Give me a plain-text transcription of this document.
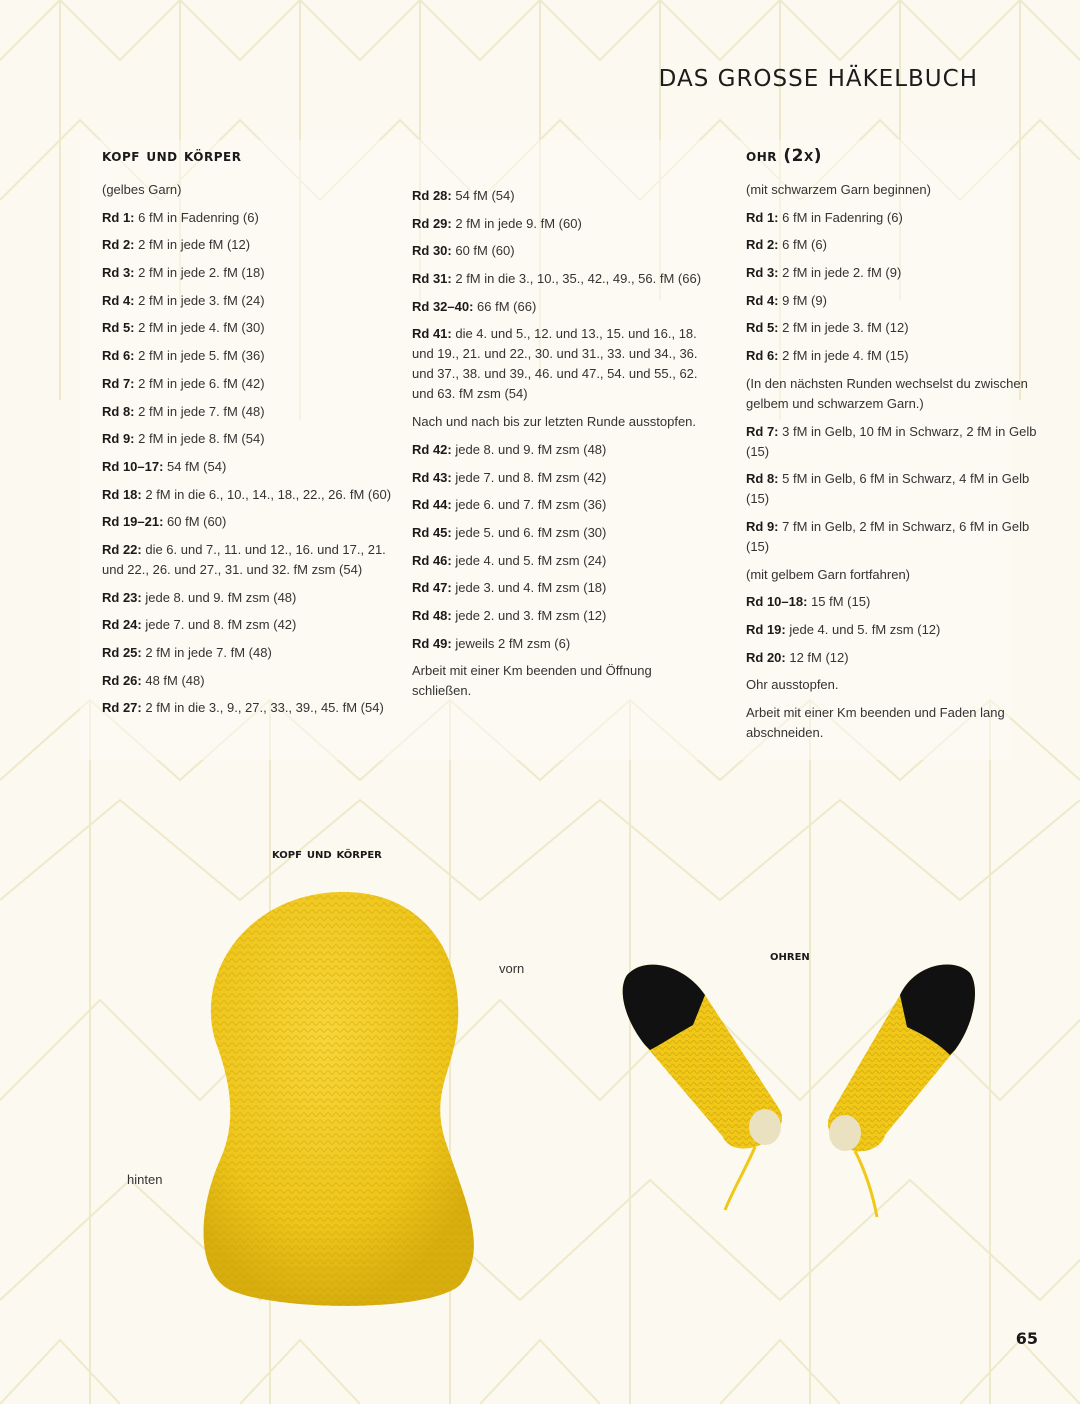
DAS GROSSE HÄKELBUCH
kopf und körper
(gelbes Garn)
Rd 1: 6 fM in Fadenring (6)
Rd 2: 2 fM in jede fM (12)
Rd 3: 2 fM in jede 2. fM (18)
Rd 4: 2 fM in jede 3. fM (24)
Rd 5: 2 fM in jede 4. fM (30)
Rd 6: 2 fM in jede 5. fM (36)
Rd 7: 2 fM in jede 6. fM (42)
Rd 8: 2 fM in jede 7. fM (48)
Rd 9: 2 fM in jede 8. fM (54)
Rd 10–17: 54 fM (54)
Rd 18: 2 fM in die 6., 10., 14., 18., 22., 26. fM (60)
Rd 19–21: 60 fM (60)
Rd 22: die 6. und 7., 11. und 12., 16. und 17., 21. und 22., 26. und 27., 31. und 32. fM zsm (54)
Rd 23: jede 8. und 9. fM zsm (48)
Rd 24: jede 7. und 8. fM zsm (42)
Rd 25: 2 fM in jede 7. fM (48)
Rd 26: 48 fM (48)
Rd 27: 2 fM in die 3., 9., 27., 33., 39., 45. fM (54)
Rd 28: 54 fM (54)
Rd 29: 2 fM in jede 9. fM (60)
Rd 30: 60 fM (60)
Rd 31: 2 fM in die 3., 10., 35., 42., 49., 56. fM (66)
Rd 32–40: 66 fM (66)
Rd 41: die 4. und 5., 12. und 13., 15. und 16., 18. und 19., 21. und 22., 30. und 31., 33. und 34., 36. und 37., 38. und 39., 46. und 47., 54. und 55., 62. und 63. fM zsm (54)
Nach und nach bis zur letzten Runde ausstopfen.
Rd 42: jede 8. und 9. fM zsm (48)
Rd 43: jede 7. und 8. fM zsm (42)
Rd 44: jede 6. und 7. fM zsm (36)
Rd 45: jede 5. und 6. fM zsm (30)
Rd 46: jede 4. und 5. fM zsm (24)
Rd 47: jede 3. und 4. fM zsm (18)
Rd 48: jede 2. und 3. fM zsm (12)
Rd 49: jeweils 2 fM zsm (6)
Arbeit mit einer Km beenden und Öffnung schließen.
ohr (2x)
(mit schwarzem Garn beginnen)
Rd 1: 6 fM in Fadenring (6)
Rd 2: 6 fM (6)
Rd 3: 2 fM in jede 2. fM (9)
Rd 4: 9 fM (9)
Rd 5: 2 fM in jede 3. fM (12)
Rd 6: 2 fM in jede 4. fM (15)
(In den nächsten Runden wechselst du zwischen gelbem und schwarzem Garn.)
Rd 7: 3 fM in Gelb, 10 fM in Schwarz, 2 fM in Gelb (15)
Rd 8: 5 fM in Gelb, 6 fM in Schwarz, 4 fM in Gelb (15)
Rd 9: 7 fM in Gelb, 2 fM in Schwarz, 6 fM in Gelb (15)
(mit gelbem Garn fortfahren)
Rd 10–18: 15 fM (15)
Rd 19: jede 4. und 5. fM zsm (12)
Rd 20: 12 fM (12)
Ohr ausstopfen.
Arbeit mit einer Km beenden und Faden lang abschneiden.
kopf und körper
vorn
hinten
ohren
65
